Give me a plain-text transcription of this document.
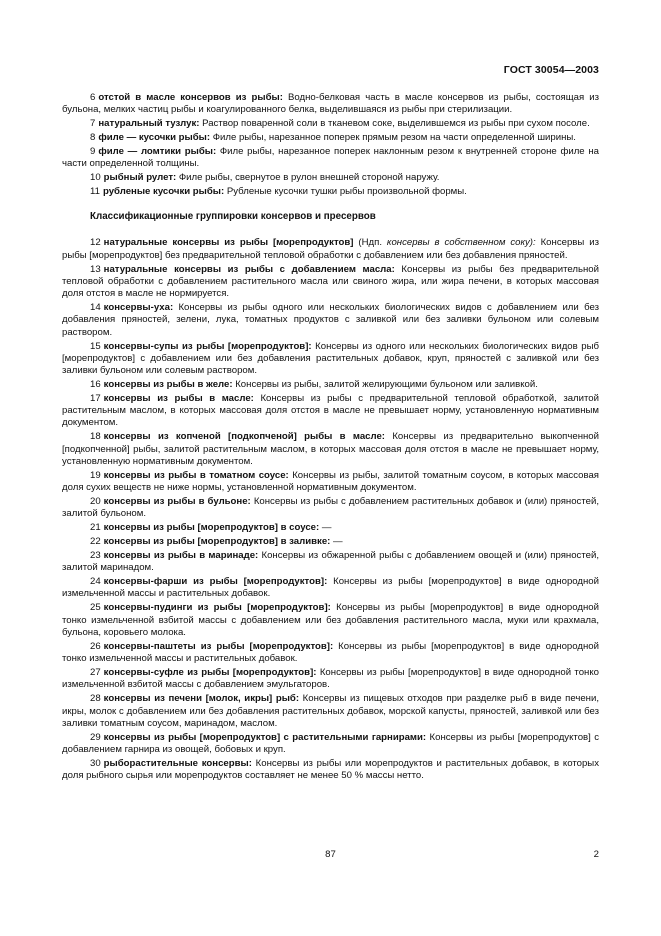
ГОСТ 30054—2003

6 отстой в масле консервов из рыбы: Водно-белковая часть в масле консервов из рыбы, состоящая из бульона, мелких частиц рыбы и коагулированного белка, выделившаяся из рыбы при стерилизации.

7 натуральный тузлук: Раствор поваренной соли в тканевом соке, выделившемся из рыбы при сухом посоле.

8 филе — кусочки рыбы: Филе рыбы, нарезанное поперек прямым резом на части определенной ширины.

9 филе — ломтики рыбы: Филе рыбы, нарезанное поперек наклонным резом к внутренней стороне филе на части определенной толщины.

10 рыбный рулет: Филе рыбы, свернутое в рулон внешней стороной наружу.

11 рубленые кусочки рыбы: Рубленые кусочки тушки рыбы произвольной формы.

Классификационные группировки консервов и пресервов

12 натуральные консервы из рыбы [морепродуктов] (Ндп. консервы в собственном соку): Консервы из рыбы [морепродуктов] без предварительной тепловой обработки с добавлением или без добавления пряностей.

13 натуральные консервы из рыбы с добавлением масла: Консервы из рыбы без предварительной тепловой обработки с добавлением растительного масла или свиного жира, или жира печени, в которых массовая доля отстоя в масле не нормируется.

14 консервы-уха: Консервы из рыбы одного или нескольких биологических видов с добавлением или без добавления пряностей, зелени, лука, томатных продуктов с заливкой или без заливки бульоном или солевым раствором.

15 консервы-супы из рыбы [морепродуктов]: Консервы из одного или нескольких биологических видов рыб [морепродуктов] с добавлением или без добавления растительных добавок, круп, пряностей с заливкой или без заливки бульоном или солевым раствором.

16 консервы из рыбы в желе: Консервы из рыбы, залитой желирующими бульоном или заливкой.

17 консервы из рыбы в масле: Консервы из рыбы с предварительной тепловой обработкой, залитой растительным маслом, в которых массовая доля отстоя в масле не превышает норму, установленную нормативным документом.

18 консервы из копченой [подкопченой] рыбы в масле: Консервы из предварительно выкопченной [подкопченной] рыбы, залитой растительным маслом, в которых массовая доля отстоя в масле не превышает норму, установленную нормативным документом.

19 консервы из рыбы в томатном соусе: Консервы из рыбы, залитой томатным соусом, в которых массовая доля сухих веществ не ниже нормы, установленной нормативным документом.

20 консервы из рыбы в бульоне: Консервы из рыбы с добавлением растительных добавок и (или) пряностей, залитой бульоном.

21 консервы из рыбы [морепродуктов] в соусе: —

22 консервы из рыбы [морепродуктов] в заливке: —

23 консервы из рыбы в маринаде: Консервы из обжаренной рыбы с добавлением овощей и (или) пряностей, залитой маринадом.

24 консервы-фарши из рыбы [морепродуктов]: Консервы из рыбы [морепродуктов] в виде однородной измельченной массы и растительных добавок.

25 консервы-пудинги из рыбы [морепродуктов]: Консервы из рыбы [морепродуктов] в виде однородной тонко измельченной взбитой массы с добавлением или без добавления растительного масла, муки или крахмала, бульона, коровьего молока.

26 консервы-паштеты из рыбы [морепродуктов]: Консервы из рыбы [морепродуктов] в виде однородной тонко измельченной массы и растительных добавок.

27 консервы-суфле из рыбы [морепродуктов]: Консервы из рыбы [морепродуктов] в виде однородной тонко измельченной взбитой массы с добавлением эмульгаторов.

28 консервы из печени [молок, икры] рыб: Консервы из пищевых отходов при разделке рыб в виде печени, икры, молок с добавлением или без добавления растительных добавок, морской капусты, пряностей, заливкой или без заливки томатным соусом, маринадом, маслом.

29 консервы из рыбы [морепродуктов] с растительными гарнирами: Консервы из рыбы [морепродуктов] с добавлением гарнира из овощей, бобовых и круп.

30 рыборастительные консервы: Консервы из рыбы или морепродуктов и растительных добавок, в которых доля рыбного сырья или морепродуктов составляет не менее 50 % массы нетто.

87	2
